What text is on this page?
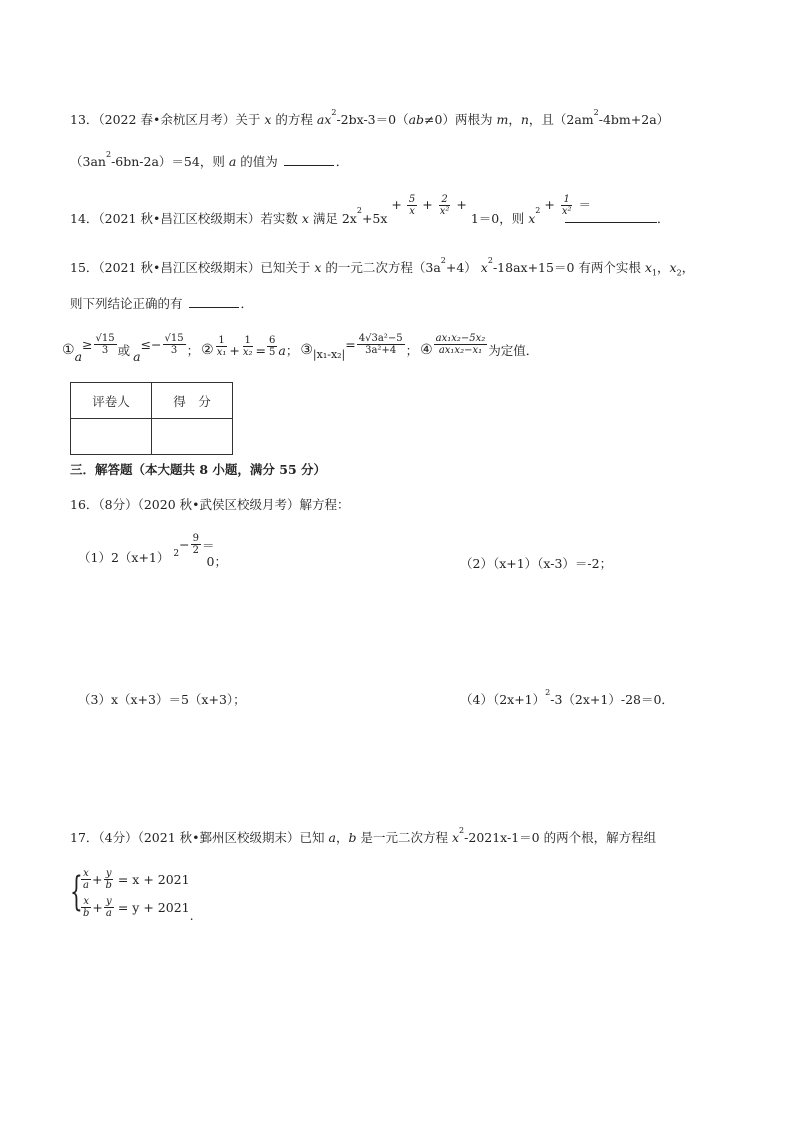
13．（2022 春•余杭区月考）关于 x 的方程 $ax^2-2bx-3=0(ab\ne 0)$两根为 m，n，且$(2am^2-4bm+2a)$
$(3an^2-6bn-2a)=54$，则 a 的值为	．
14．（2021 秋•昌江区校级期末）若实数 x 满足 $2x^2+5x + \frac{5}{x} + \frac{2}{\text{x²}} + 1=0$，则 $x^2 + \frac{1}{\text{x²}}$ ＝ ．
15．（2021 秋•昌江区校级期末）已知关于 x 的一元二次方程$(3a^2+4)$ $x^2-18ax+15=0$ 有两个实根 $x_1$，$x_2$，
则下列结论正确的有	．
① a
≥ $\frac{√15}{3}$ 或 a
≤− $\frac{√15}{3}$ ； ② $\frac{1}{\text{x₁}} + \frac{1}{\text{x₂}} = \frac{6}{5}$ a ； ③ |x₁-x₂|
= $\frac{\text{4√3a²−5}}{\text{3a²+4}}$ ； ④ $\frac{\text{ax₁x₂−5x₂}}{\text{ax₁x₂−x₁}}$ 为定值．
评卷人	得　分

三．解答题（本大题共 8 小题，满分 55 分）
16．（8分）（2020 秋•武侯区校级月考）解方程：
（1）2（x+1） 2
− $\frac{9}{2}$ ＝
0；	（2）（x+1）（x-3）＝-2；
（3）x（x+3）＝5（x+3）；	$(4)(2x+1)^2-3(2x+1)-28=0$．
17．（4分）（2021 秋•鄞州区校级期末）已知 a，b 是一元二次方程 $x^2-2021x-1=0$ 的两个根，解方程组
{
$\frac{x}{a} + \frac{y}{b} = x + 2021$
$\frac{x}{b} + \frac{y}{a} = y + 2021$
.
